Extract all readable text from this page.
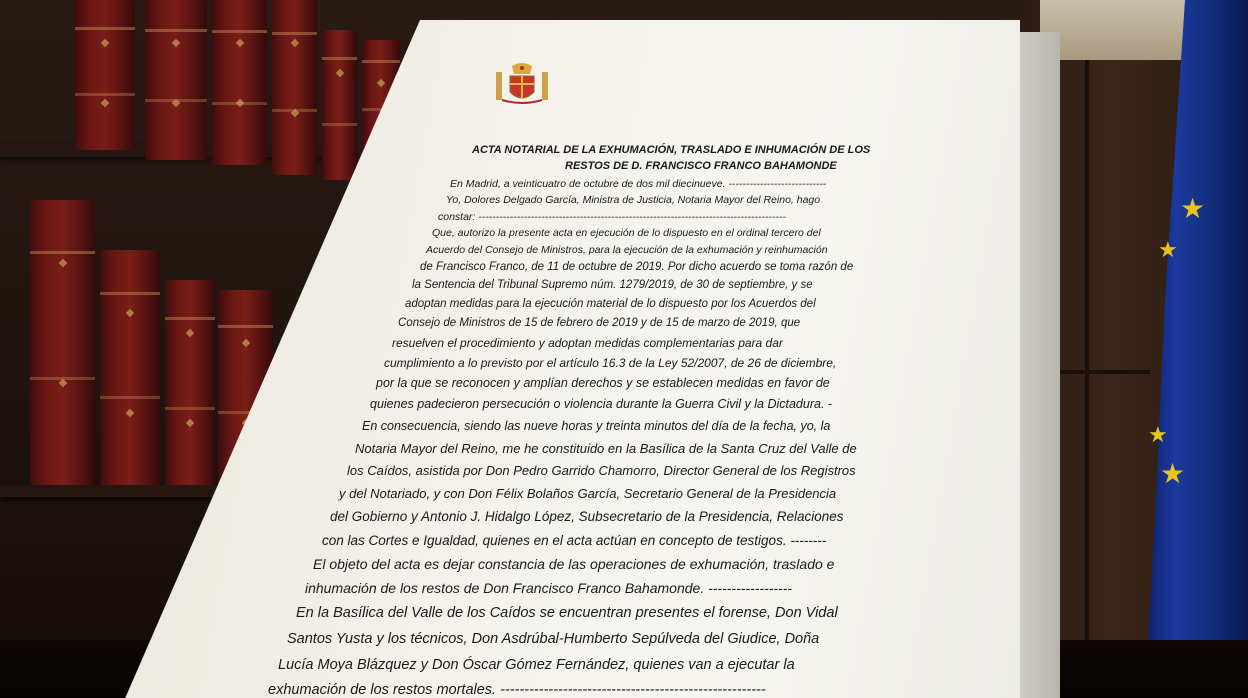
★
★
★
★
ACTA NOTARIAL DE LA EXHUMACIÓN, TRASLADO E INHUMACIÓN DE LOS
RESTOS DE D. FRANCISCO FRANCO BAHAMONDE
En Madrid, a veinticuatro de octubre de dos mil diecinueve. ----------------------------
Yo, Dolores Delgado García, Ministra de Justicia, Notaria Mayor del Reino, hago
constar: ----------------------------------------------------------------------------------------
Que, autorizo la presente acta en ejecución de lo dispuesto en el ordinal tercero del
Acuerdo del Consejo de Ministros, para la ejecución de la exhumación y reinhumación
de Francisco Franco, de 11 de octubre de 2019. Por dicho acuerdo se toma razón de
la Sentencia del Tribunal Supremo núm. 1279/2019, de 30 de septiembre, y se
adoptan medidas para la ejecución material de lo dispuesto por los Acuerdos del
Consejo de Ministros de 15 de febrero de 2019 y de 15 de marzo de 2019, que
resuelven el procedimiento y adoptan medidas complementarias para dar
cumplimiento a lo previsto por el artículo 16.3 de la Ley 52/2007, de 26 de diciembre,
por la que se reconocen y amplían derechos y se establecen medidas en favor de
quienes padecieron persecución o violencia durante la Guerra Civil y la Dictadura. -
En consecuencia, siendo las nueve horas y treinta minutos del día de la fecha, yo, la
Notaria Mayor del Reino, me he constituido en la Basílica de la Santa Cruz del Valle de
los Caídos, asistida por Don Pedro Garrido Chamorro, Director General de los Registros
y del Notariado, y con Don Félix Bolaños García, Secretario General de la Presidencia
del Gobierno y Antonio J. Hidalgo López, Subsecretario de la Presidencia, Relaciones
con las Cortes e Igualdad, quienes en el acta actúan en concepto de testigos. --------
El objeto del acta es dejar constancia de las operaciones de exhumación, traslado e
inhumación de los restos de Don Francisco Franco Bahamonde. ------------------
En la Basílica del Valle de los Caídos se encuentran presentes el forense, Don Vidal
Santos Yusta y los técnicos, Don Asdrúbal-Humberto Sepúlveda del Giudice, Doña
Lucía Moya Blázquez y Don Óscar Gómez Fernández, quienes van a ejecutar la
exhumación de los restos mortales. -------------------------------------------------------
